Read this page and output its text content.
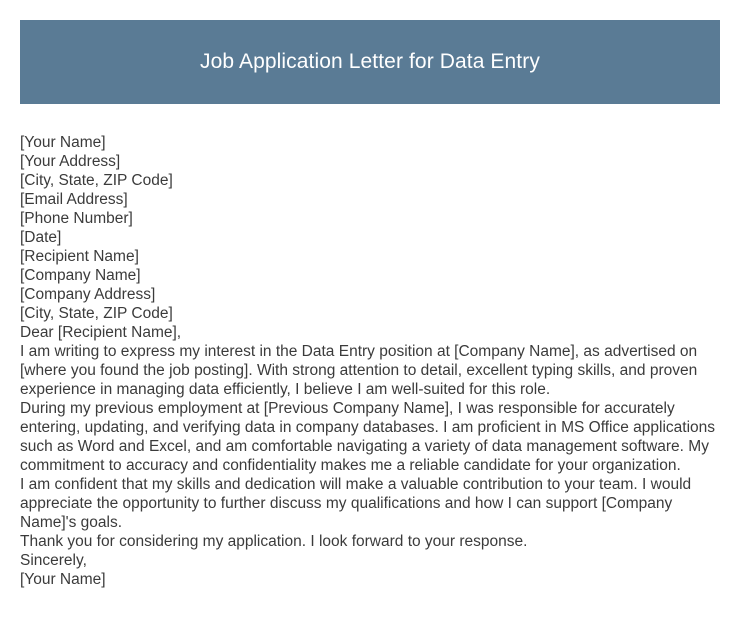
Job Application Letter for Data Entry
[Your Name]
[Your Address]
[City, State, ZIP Code]
[Email Address]
[Phone Number]
[Date]
[Recipient Name]
[Company Name]
[Company Address]
[City, State, ZIP Code]
Dear [Recipient Name],
I am writing to express my interest in the Data Entry position at [Company Name], as advertised on [where you found the job posting]. With strong attention to detail, excellent typing skills, and proven experience in managing data efficiently, I believe I am well-suited for this role.
During my previous employment at [Previous Company Name], I was responsible for accurately entering, updating, and verifying data in company databases. I am proficient in MS Office applications such as Word and Excel, and am comfortable navigating a variety of data management software. My commitment to accuracy and confidentiality makes me a reliable candidate for your organization.
I am confident that my skills and dedication will make a valuable contribution to your team. I would appreciate the opportunity to further discuss my qualifications and how I can support [Company Name]'s goals.
Thank you for considering my application. I look forward to your response.
Sincerely,
[Your Name]
